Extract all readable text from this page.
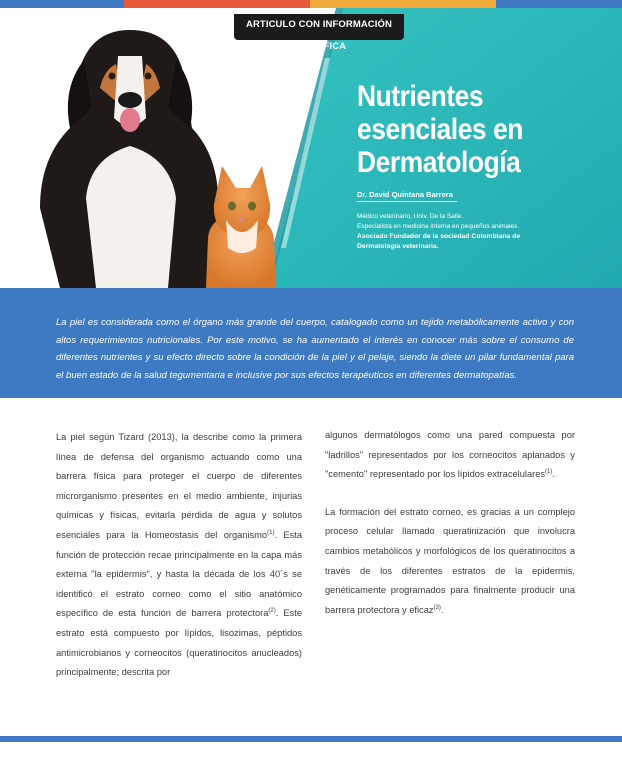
ARTICULO CON INFORMACIÓN CIENTÍFICA
Nutrientes
esenciales en
Dermatología
Dr. David Quintana Barrera
Médico veterinario, Univ. De la Salle.
Especialista en medicina interna en pequeños animales.
Asociado Fundador de la sociedad Colombiana de Dermatología veterinaria.

La piel es considerada como el órgano más grande del cuerpo, catalogado como un tejido metabólicamente activo y con altos requerimientos nutricionales. Por este motivo, se ha aumentado el interés en conocer más sobre el consumo de diferentes nutrientes y su efecto directo sobre la condición de la piel y el pelaje, siendo la diete un pilar fundamental para el buen estado de la salud tegumentaria e inclusive por sus efectos terapéuticos en diferentes dermatopatías.

La piel según Tizard (2013), la describe como la primera línea de defensa del organismo actuando como una barrera física para proteger el cuerpo de diferentes microrganismo presentes en el medio ambiente, injurias químicas y físicas, evitarla pérdida de agua y solutos esenciales para la Homeostasis del organismo$^{(1)}$. Esta función de protección recae principalmente en la capa más externa "la epidermis", y hasta la década de los 40´s se identificó el estrato corneo como el sitio anatómico específico de esta función de barrera protectora$^{(2)}$. Este estrato está compuesto por lípidos, lisozimas, péptidos antimicrobianos y corneocitos (queratinocitos anucleados) principalmente; descrita por

algunos dermatólogos como una pared compuesta por "ladrillos" representados por los corneocitos aplanados y "cemento" representado por los lípidos extracelulares$^{(1)}$.

La formación del estrato corneo, es gracias a un complejo proceso celular llamado queratinización que involucra cambios metabólicos y morfológicos de los queratinocitos a través de los diferentes estratos de la epidermis, genéticamente programados para finalmente producir una barrera protectora y eficaz$^{(3)}$.
